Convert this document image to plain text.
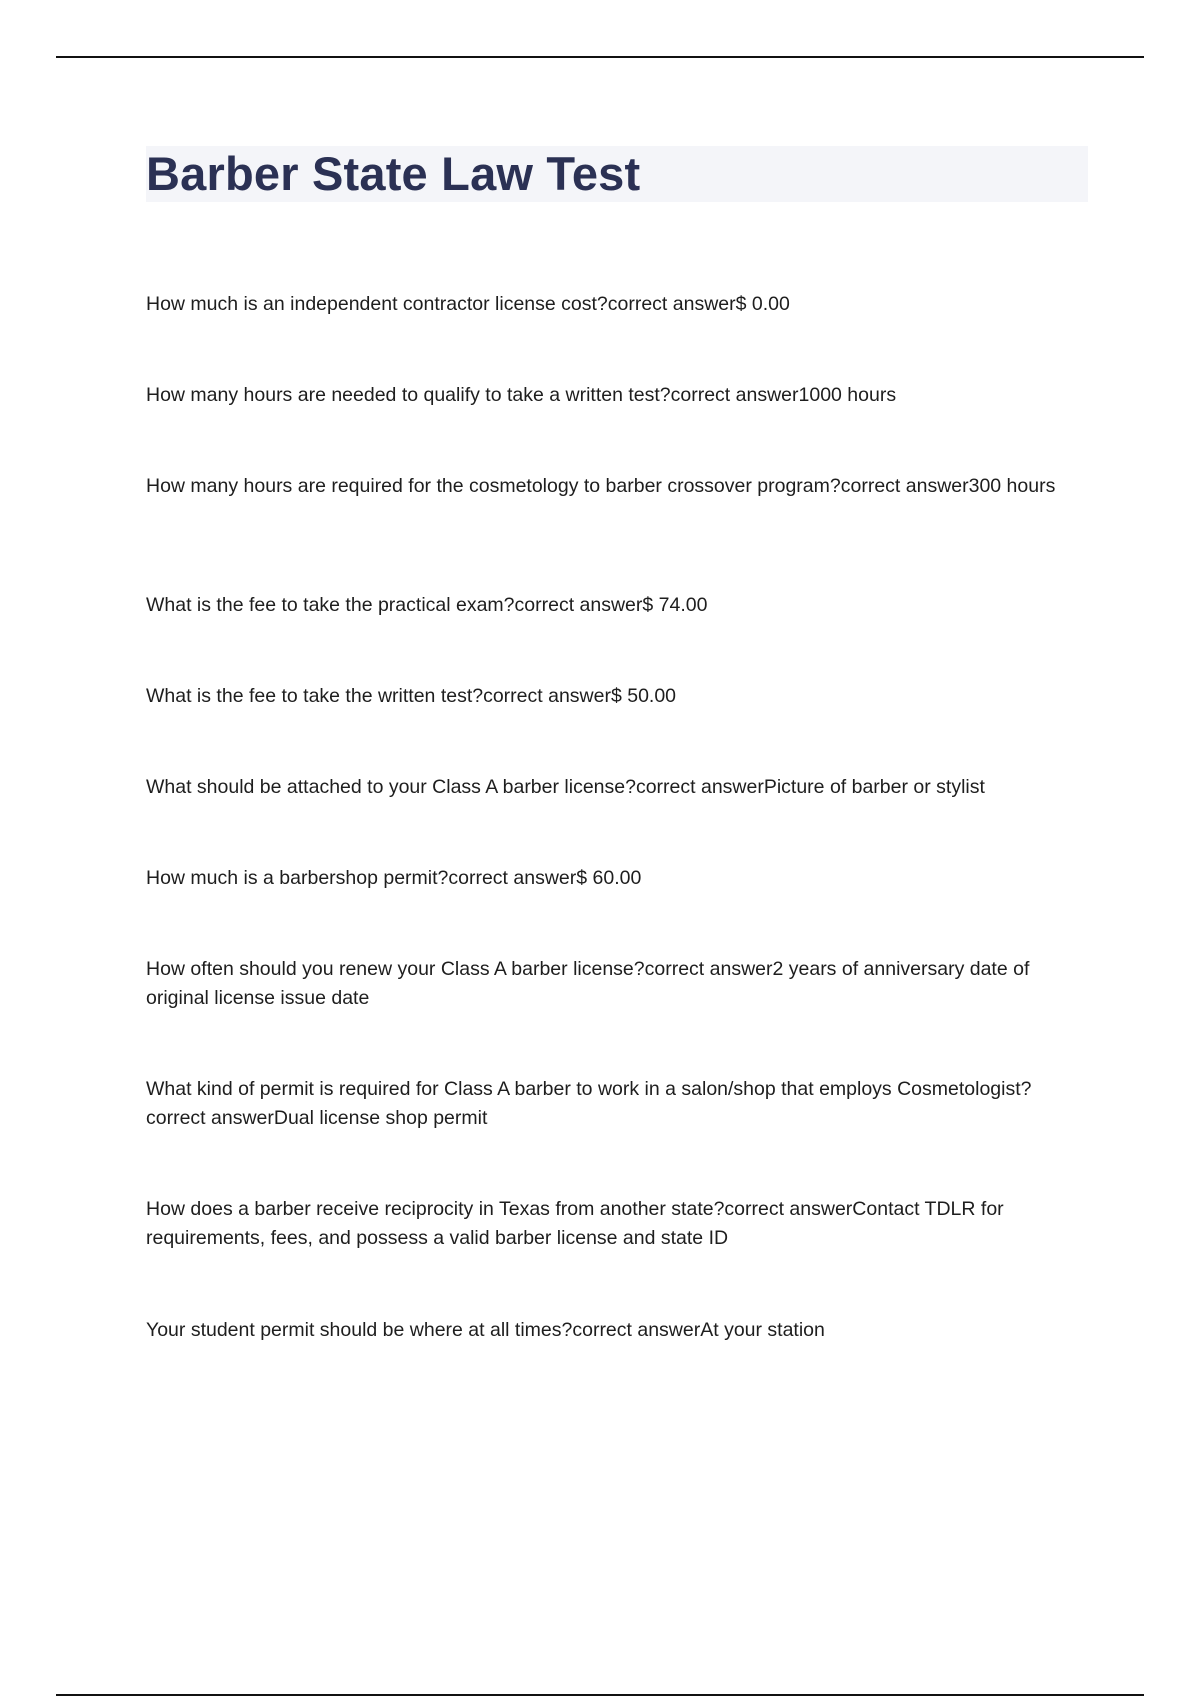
Barber State Law Test
How much is an independent contractor license cost?correct answer$ 0.00
How many hours are needed to qualify to take a written test?correct answer1000 hours
How many hours are required for the cosmetology to barber crossover program?correct answer300 hours
What is the fee to take the practical exam?correct answer$ 74.00
What is the fee to take the written test?correct answer$ 50.00
What should be attached to your Class A barber license?correct answerPicture of barber or stylist
How much is a barbershop permit?correct answer$ 60.00
How often should you renew your Class A barber license?correct answer2 years of anniversary date of original license issue date
What kind of permit is required for Class A barber to work in a salon/shop that employs Cosmetologist?correct answerDual license shop permit
How does a barber receive reciprocity in Texas from another state?correct answerContact TDLR for requirements, fees, and possess a valid barber license and state ID
Your student permit should be where at all times?correct answerAt your station
